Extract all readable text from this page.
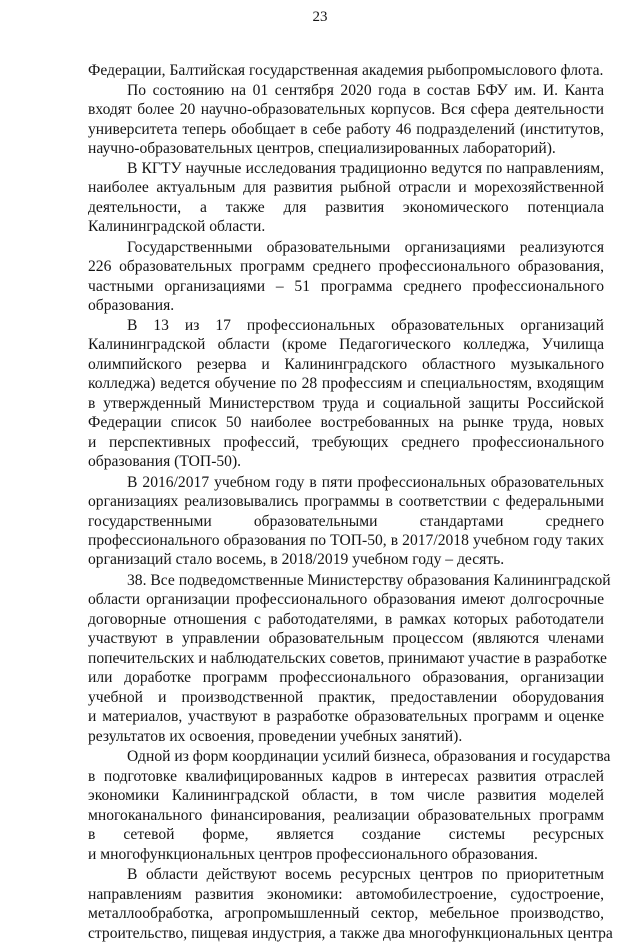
23
Федерации, Балтийская государственная академия рыбопромыслового флота.
По состоянию на 01 сентября 2020 года в состав БФУ им. И. Канта
входят более 20 научно-образовательных корпусов. Вся сфера деятельности
университета теперь обобщает в себе работу 46 подразделений (институтов,
научно-образовательных центров, специализированных лабораторий).
В КГТУ научные исследования традиционно ведутся по направлениям,
наиболее актуальным для развития рыбной отрасли и морехозяйственной
деятельности, а также для развития экономического потенциала
Калининградской области.
Государственными образовательными организациями реализуются
226 образовательных программ среднего профессионального образования,
частными организациями – 51 программа среднего профессионального
образования.
В 13 из 17 профессиональных образовательных организаций
Калининградской области (кроме Педагогического колледжа, Училища
олимпийского резерва и Калининградского областного музыкального
колледжа) ведется обучение по 28 профессиям и специальностям, входящим
в утвержденный Министерством труда и социальной защиты Российской
Федерации список 50 наиболее востребованных на рынке труда, новых
и перспективных профессий, требующих среднего профессионального
образования (ТОП-50).
В 2016/2017 учебном году в пяти профессиональных образовательных
организациях реализовывались программы в соответствии с федеральными
государственными образовательными стандартами среднего
профессионального образования по ТОП-50, в 2017/2018 учебном году таких
организаций стало восемь, в 2018/2019 учебном году – десять.
38. Все подведомственные Министерству образования Калининградской
области организации профессионального образования имеют долгосрочные
договорные отношения с работодателями, в рамках которых работодатели
участвуют в управлении образовательным процессом (являются членами
попечительских и наблюдательских советов, принимают участие в разработке
или доработке программ профессионального образования, организации
учебной и производственной практик, предоставлении оборудования
и материалов, участвуют в разработке образовательных программ и оценке
результатов их освоения, проведении учебных занятий).
Одной из форм координации усилий бизнеса, образования и государства
в подготовке квалифицированных кадров в интересах развития отраслей
экономики Калининградской области, в том числе развития моделей
многоканального финансирования, реализации образовательных программ
в сетевой форме, является создание системы ресурсных
и многофункциональных центров профессионального образования.
В области действуют восемь ресурсных центров по приоритетным
направлениям развития экономики: автомобилестроение, судостроение,
металлообработка, агропромышленный сектор, мебельное производство,
строительство, пищевая индустрия, а также два многофункциональных центра
